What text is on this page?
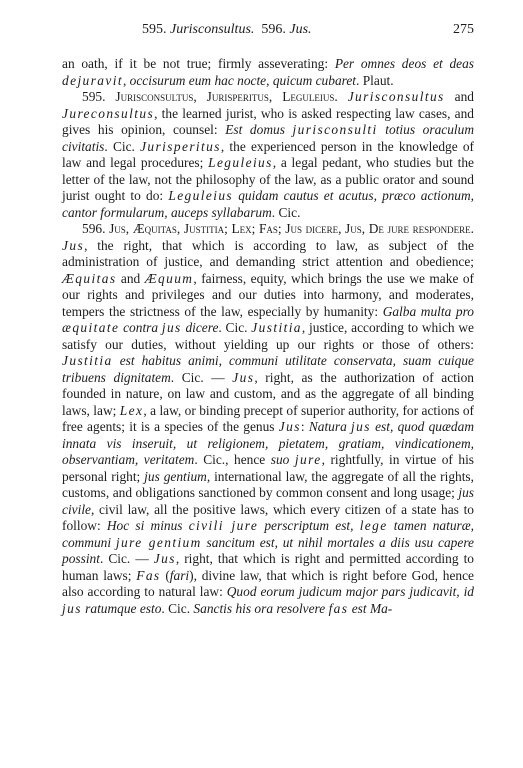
595. Jurisconsultus.  596. Jus.	275

an oath, if it be not true; firmly asseverating: Per omnes deos et deas dejuravit, occisurum eum hac nocte, quicum cubaret. Plaut.

595. Jurisconsultus, Jurisperitus, Leguleius. Jurisconsultus and Jureconsultus, the learned jurist, who is asked respecting law cases, and gives his opinion, counsel: Est domus jurisconsulti totius oraculum civitatis. Cic. Jurisperitus, the experienced person in the knowledge of law and legal procedures; Leguleius, a legal pedant, who studies but the letter of the law, not the philosophy of the law, as a public orator and sound jurist ought to do: Leguleius quidam cautus et acutus, præco actionum, cantor formularum, auceps syllabarum. Cic.

596. Jus, Æquitas, Justitia; Lex; Fas; Jus dicere, Jus, De jure respondere. Jus, the right, that which is according to law, as subject of the administration of justice, and demanding strict attention and obedience; Æquitas and Æquum, fairness, equity, which brings the use we make of our rights and privileges and our duties into harmony, and moderates, tempers the strictness of the law, especially by humanity: Galba multa pro æquitate contra jus dicere. Cic. Justitia, justice, according to which we satisfy our duties, without yielding up our rights or those of others: Justitia est habitus animi, communi utilitate conservata, suam cuique tribuens dignitatem. Cic. — Jus, right, as the authorization of action founded in nature, on law and custom, and as the aggregate of all binding laws, law; Lex, a law, or binding precept of superior authority, for actions of free agents; it is a species of the genus Jus: Natura jus est, quod quædam innata vis inseruit, ut religionem, pietatem, gratiam, vindicationem, observantiam, veritatem. Cic., hence suo jure, rightfully, in virtue of his personal right; jus gentium, international law, the aggregate of all the rights, customs, and obligations sanctioned by common consent and long usage; jus civile, civil law, all the positive laws, which every citizen of a state has to follow: Hoc si minus civili jure perscriptum est, lege tamen naturæ, communi jure gentium sancitum est, ut nihil mortales a diis usu capere possint. Cic. — Jus, right, that which is right and permitted according to human laws; Fas (fari), divine law, that which is right before God, hence also according to natural law: Quod eorum judicum major pars judicavit, id jus ratumque esto. Cic. Sanctis his ora resolvere fas est Ma-
